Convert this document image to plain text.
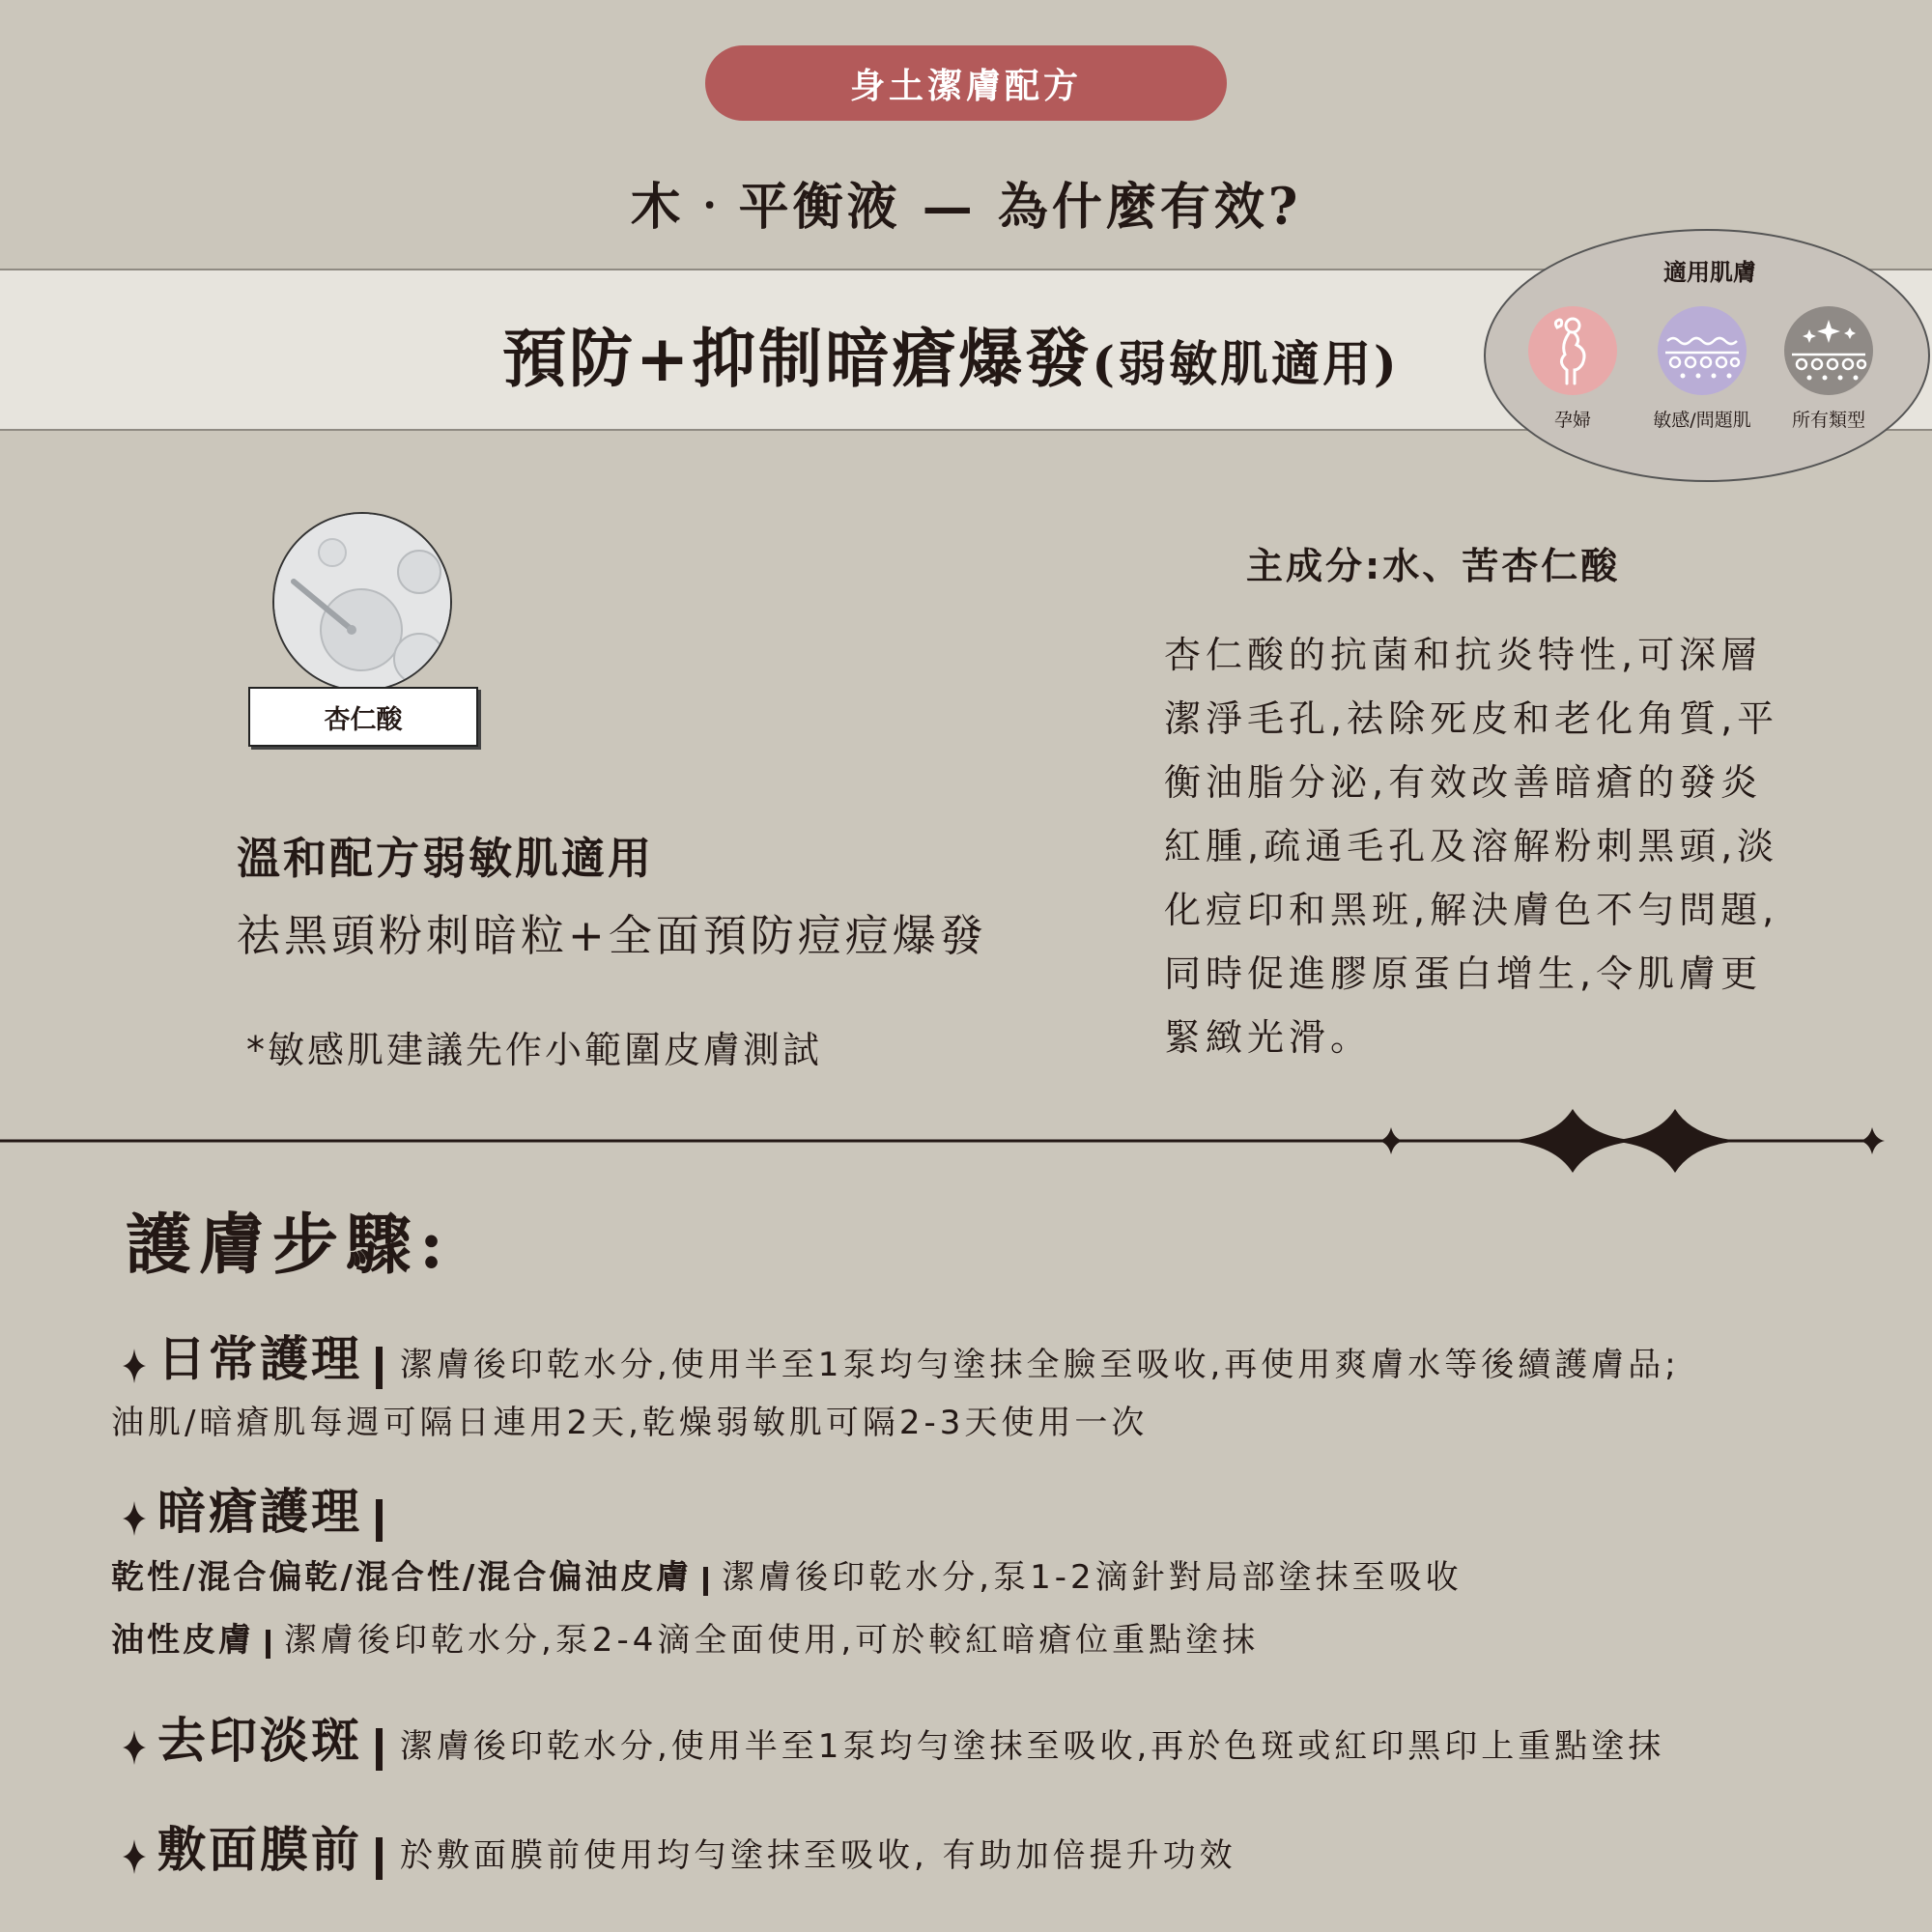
身土潔膚配方
木‧平衡液 — 為什麼有效?
預防+抑制暗瘡爆發(弱敏肌適用)
適用肌膚
孕婦	敏感/問題肌	所有類型
杏仁酸
溫和配方弱敏肌適用
祛黑頭粉刺暗粒+全面預防痘痘爆發
*敏感肌建議先作小範圍皮膚測試
主成分:水、苦杏仁酸
杏仁酸的抗菌和抗炎特性,可深層
潔淨毛孔,祛除死皮和老化角質,平
衡油脂分泌,有效改善暗瘡的發炎
紅腫,疏通毛孔及溶解粉刺黑頭,淡
化痘印和黑班,解決膚色不勻問題,
同時促進膠原蛋白增生,令肌膚更
緊緻光滑。
護膚步驟:
日常護理 潔膚後印乾水分,使用半至1泵均勻塗抹全臉至吸收,再使用爽膚水等後續護膚品;
油肌/暗瘡肌每週可隔日連用2天,乾燥弱敏肌可隔2-3天使用一次
暗瘡護理
乾性/混合偏乾/混合性/混合偏油皮膚 潔膚後印乾水分,泵1-2滴針對局部塗抹至吸收
油性皮膚 潔膚後印乾水分,泵2-4滴全面使用,可於較紅暗瘡位重點塗抹
去印淡斑 潔膚後印乾水分,使用半至1泵均勻塗抹至吸收,再於色斑或紅印黑印上重點塗抹
敷面膜前 於敷面膜前使用均勻塗抹至吸收, 有助加倍提升功效
